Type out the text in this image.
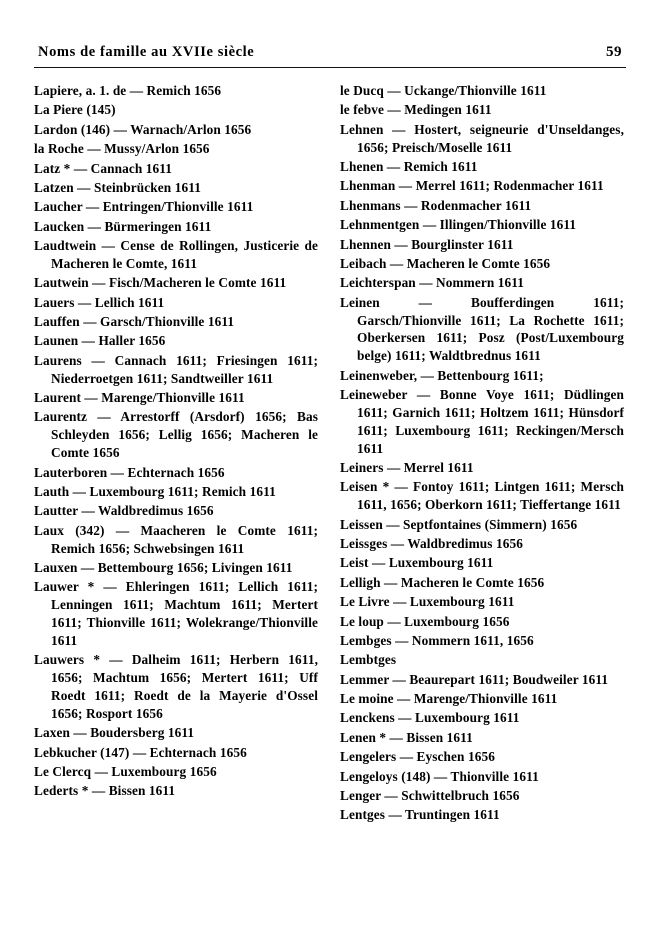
Noms de famille au XVIIe siècle	59

Lapiere, a. 1. de — Remich 1656

La Piere (145)

Lardon (146) — Warnach/Arlon 1656

la Roche — Mussy/Arlon 1656

Latz * — Cannach 1611

Latzen — Steinbrücken 1611

Laucher — Entringen/Thionville 1611

Laucken — Bürmeringen 1611

Laudtwein — Cense de Rollingen, Justicerie de Macheren le Comte, 1611

Lautwein — Fisch/Macheren le Comte 1611

Lauers — Lellich 1611

Lauffen — Garsch/Thionville 1611

Launen — Haller 1656

Laurens — Cannach 1611; Friesingen 1611; Niederroetgen 1611; Sandtweiller 1611

Laurent — Marenge/Thionville 1611

Laurentz — Arrestorff (Arsdorf) 1656; Bas Schleyden 1656; Lellig 1656; Macheren le Comte 1656

Lauterboren — Echternach 1656

Lauth — Luxembourg 1611; Remich 1611

Lautter — Waldbredimus 1656

Laux (342) — Maacheren le Comte 1611; Remich 1656; Schwebsingen 1611

Lauxen — Bettembourg 1656; Livingen 1611

Lauwer * — Ehleringen 1611; Lellich 1611; Lenningen 1611; Machtum 1611; Mertert 1611; Thionville 1611; Wolekrange/Thionville 1611

Lauwers * — Dalheim 1611; Herbern 1611, 1656; Machtum 1656; Mertert 1611; Uff Roedt 1611; Roedt de la Mayerie d'Ossel 1656; Rosport 1656

Laxen — Boudersberg 1611

Lebkucher (147) — Echternach 1656

Le Clercq — Luxembourg 1656

Lederts * — Bissen 1611

le Ducq — Uckange/Thionville 1611

le febve — Medingen 1611

Lehnen — Hostert, seigneurie d'Unseldanges, 1656; Preisch/Moselle 1611

Lhenen — Remich 1611

Lhenman — Merrel 1611; Rodenmacher 1611

Lhenmans — Rodenmacher 1611

Lehnmentgen — Illingen/Thionville 1611

Lhennen — Bourglinster 1611

Leibach — Macheren le Comte 1656

Leichterspan — Nommern 1611

Leinen — Boufferdingen 1611; Garsch/Thionville 1611; La Rochette 1611; Oberkersen 1611; Posz (Post/Luxembourg belge) 1611; Waldtbrednus 1611

Leinenweber, — Bettenbourg 1611;

Leineweber — Bonne Voye 1611; Düdlingen 1611; Garnich 1611; Holtzem 1611; Hünsdorf 1611; Luxembourg 1611; Reckingen/Mersch 1611

Leiners — Merrel 1611

Leisen * — Fontoy 1611; Lintgen 1611; Mersch 1611, 1656; Oberkorn 1611; Tieffertange 1611

Leissen — Septfontaines (Simmern) 1656

Leissges — Waldbredimus 1656

Leist — Luxembourg 1611

Lelligh — Macheren le Comte 1656

Le Livre — Luxembourg 1611

Le loup — Luxembourg 1656

Lembges — Nommern 1611, 1656

Lembtges

Lemmer — Beaurepart 1611; Boudweiler 1611

Le moine — Marenge/Thionville 1611

Lenckens — Luxembourg 1611

Lenen * — Bissen 1611

Lengelers — Eyschen 1656

Lengeloys (148) — Thionville 1611

Lenger — Schwittelbruch 1656

Lentges — Truntingen 1611
